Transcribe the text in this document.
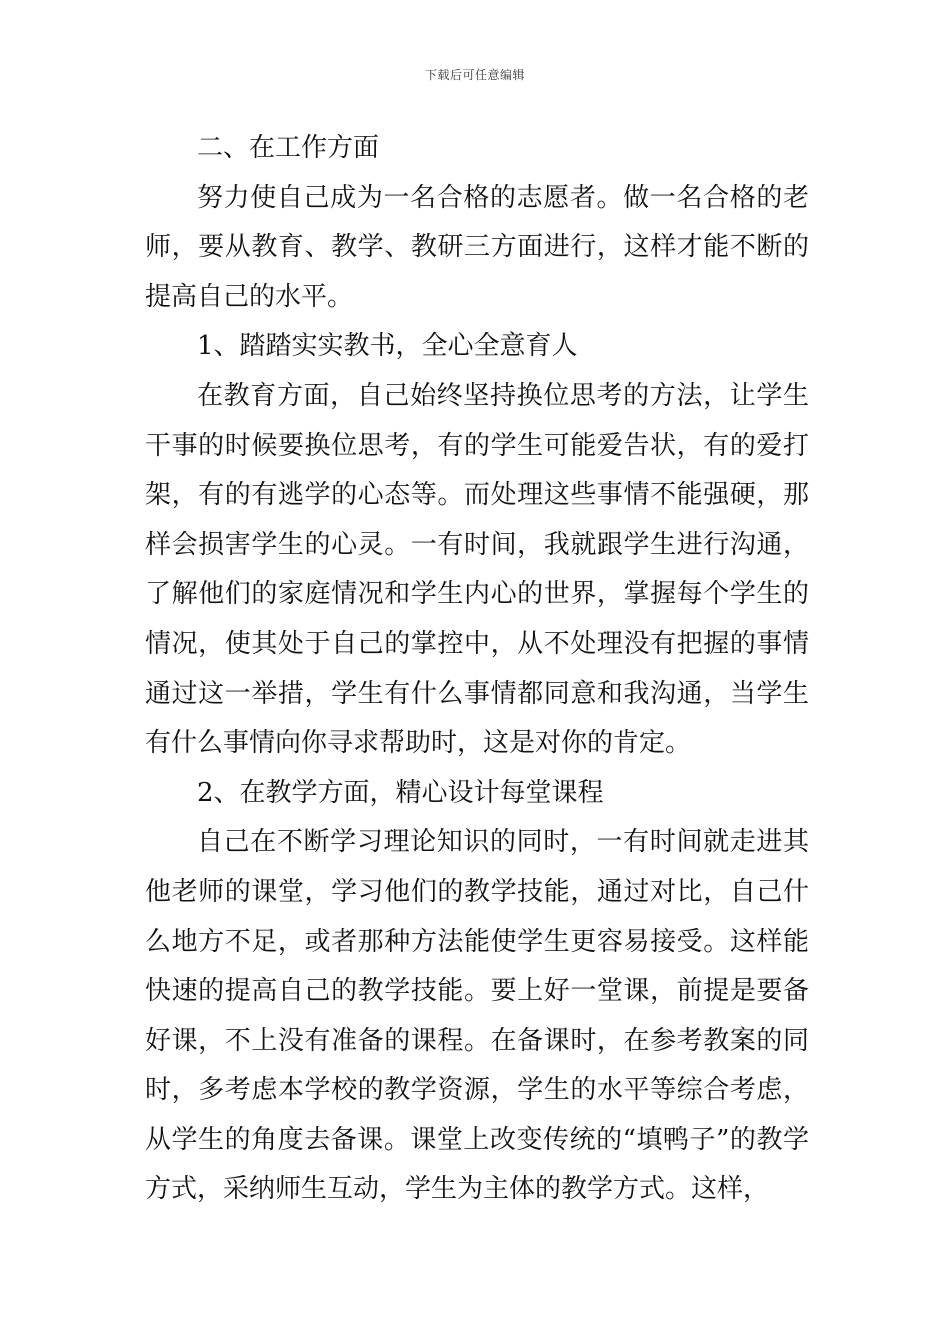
下载后可任意编辑

二、在工作方面

努力使自己成为一名合格的志愿者。做一名合格的老师，要从教育、教学、教研三方面进行，这样才能不断的提高自己的水平。

1、踏踏实实教书，全心全意育人

在教育方面，自己始终坚持换位思考的方法，让学生干事的时候要换位思考，有的学生可能爱告状，有的爱打架，有的有逃学的心态等。而处理这些事情不能强硬，那样会损害学生的心灵。一有时间，我就跟学生进行沟通，了解他们的家庭情况和学生内心的世界，掌握每个学生的情况，使其处于自己的掌控中，从不处理没有把握的事情通过这一举措，学生有什么事情都同意和我沟通，当学生有什么事情向你寻求帮助时，这是对你的肯定。

2、在教学方面，精心设计每堂课程

自己在不断学习理论知识的同时，一有时间就走进其他老师的课堂，学习他们的教学技能，通过对比，自己什么地方不足，或者那种方法能使学生更容易接受。这样能快速的提高自己的教学技能。要上好一堂课，前提是要备好课，不上没有准备的课程。在备课时，在参考教案的同时，多考虑本学校的教学资源，学生的水平等综合考虑，从学生的角度去备课。课堂上改变传统的“填鸭子”的教学方式，采纳师生互动，学生为主体的教学方式。这样，
